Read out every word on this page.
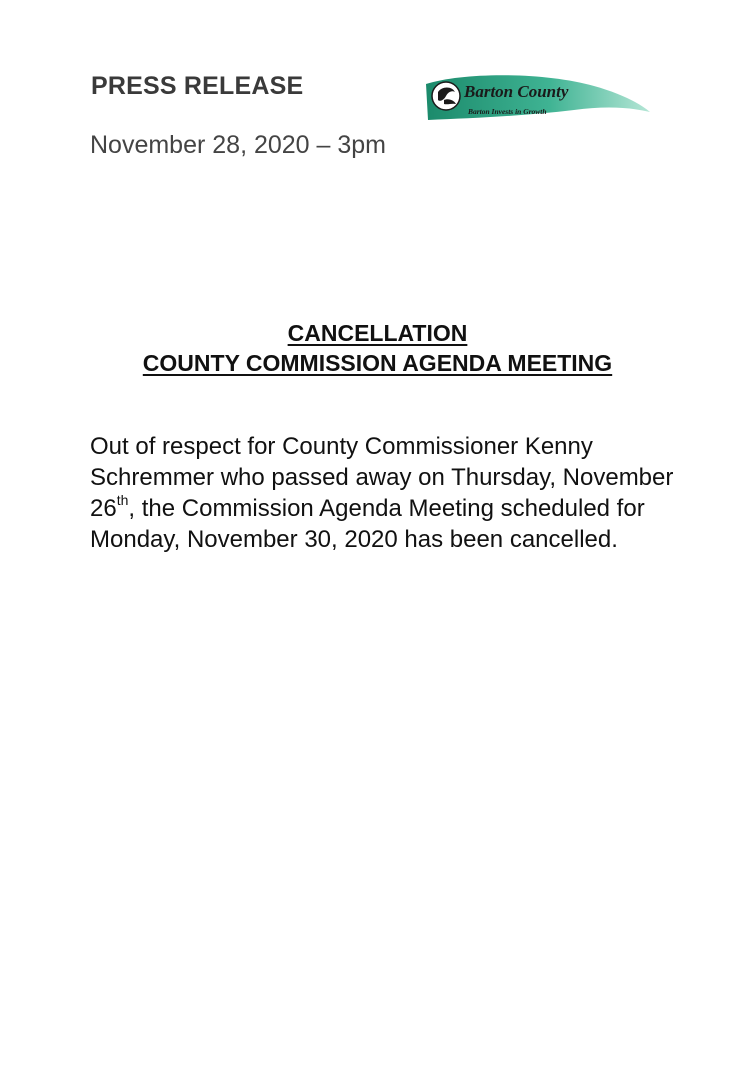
PRESS RELEASE
November 28, 2020 – 3pm
Barton County
Barton Invests in Growth
CANCELLATION
COUNTY COMMISSION AGENDA MEETING
Out of respect for County Commissioner Kenny Schremmer who passed away on Thursday, November 26th, the Commission Agenda Meeting scheduled for Monday, November 30, 2020 has been cancelled.
